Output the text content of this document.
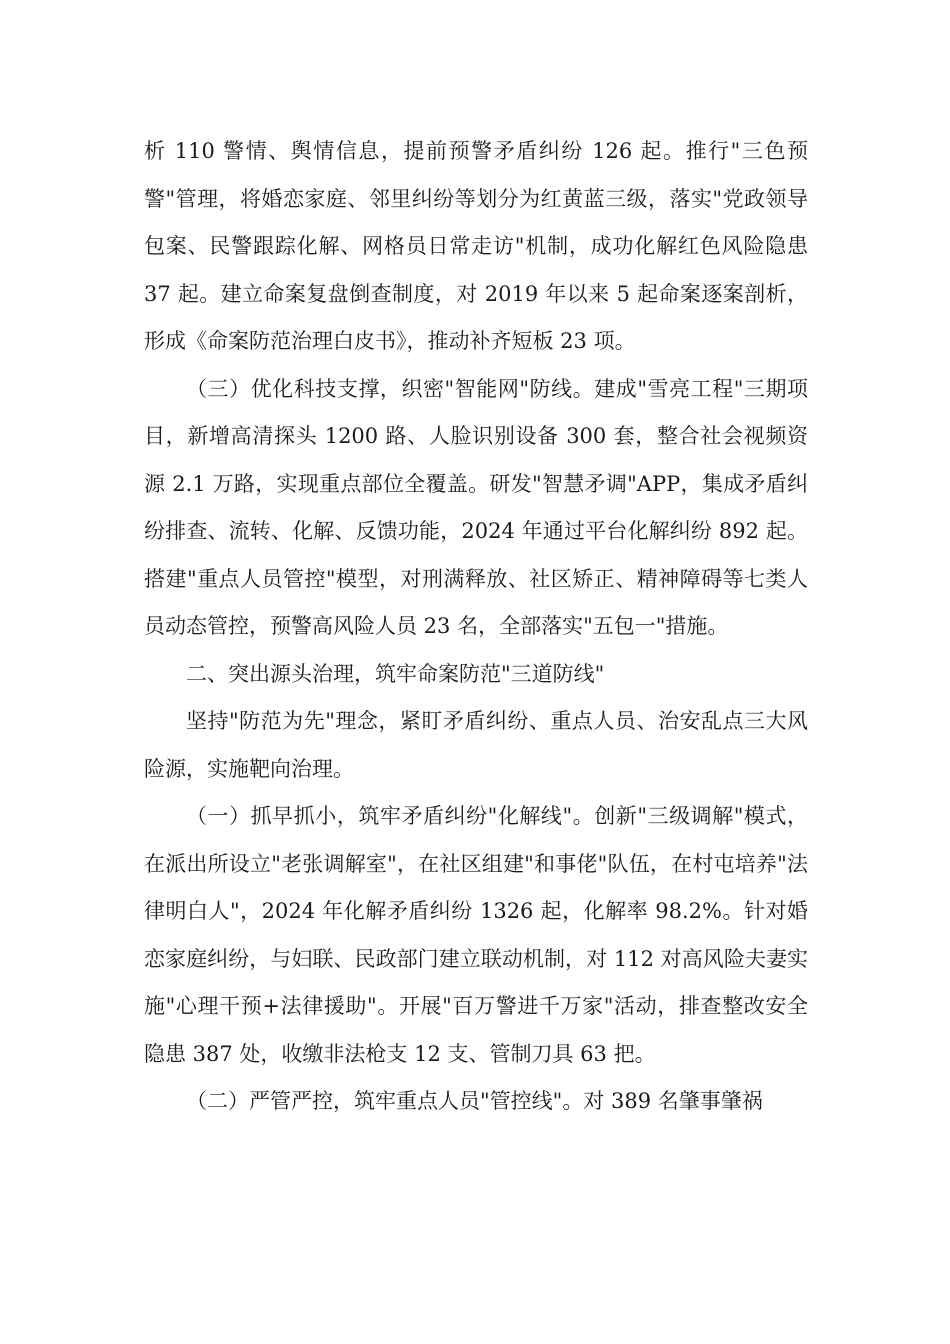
析 110 警情、舆情信息，提前预警矛盾纠纷 126 起。推行"三色预警"管理，将婚恋家庭、邻里纠纷等划分为红黄蓝三级，落实"党政领导包案、民警跟踪化解、网格员日常走访"机制，成功化解红色风险隐患 37 起。建立命案复盘倒查制度，对 2019 年以来 5 起命案逐案剖析，形成《命案防范治理白皮书》，推动补齐短板 23 项。

（三）优化科技支撑，织密"智能网"防线。建成"雪亮工程"三期项目，新增高清探头 1200 路、人脸识别设备 300 套，整合社会视频资源 2.1 万路，实现重点部位全覆盖。研发"智慧矛调"APP，集成矛盾纠纷排查、流转、化解、反馈功能，2024 年通过平台化解纠纷 892 起。搭建"重点人员管控"模型，对刑满释放、社区矫正、精神障碍等七类人员动态管控，预警高风险人员 23 名，全部落实"五包一"措施。

二、突出源头治理，筑牢命案防范"三道防线"

坚持"防范为先"理念，紧盯矛盾纠纷、重点人员、治安乱点三大风险源，实施靶向治理。

（一）抓早抓小，筑牢矛盾纠纷"化解线"。创新"三级调解"模式，在派出所设立"老张调解室"，在社区组建"和事佬"队伍，在村屯培养"法律明白人"，2024 年化解矛盾纠纷 1326 起，化解率 98.2%。针对婚恋家庭纠纷，与妇联、民政部门建立联动机制，对 112 对高风险夫妻实施"心理干预+法律援助"。开展"百万警进千万家"活动，排查整改安全隐患 387 处，收缴非法枪支 12 支、管制刀具 63 把。

（二）严管严控，筑牢重点人员"管控线"。对 389 名肇事肇祸
